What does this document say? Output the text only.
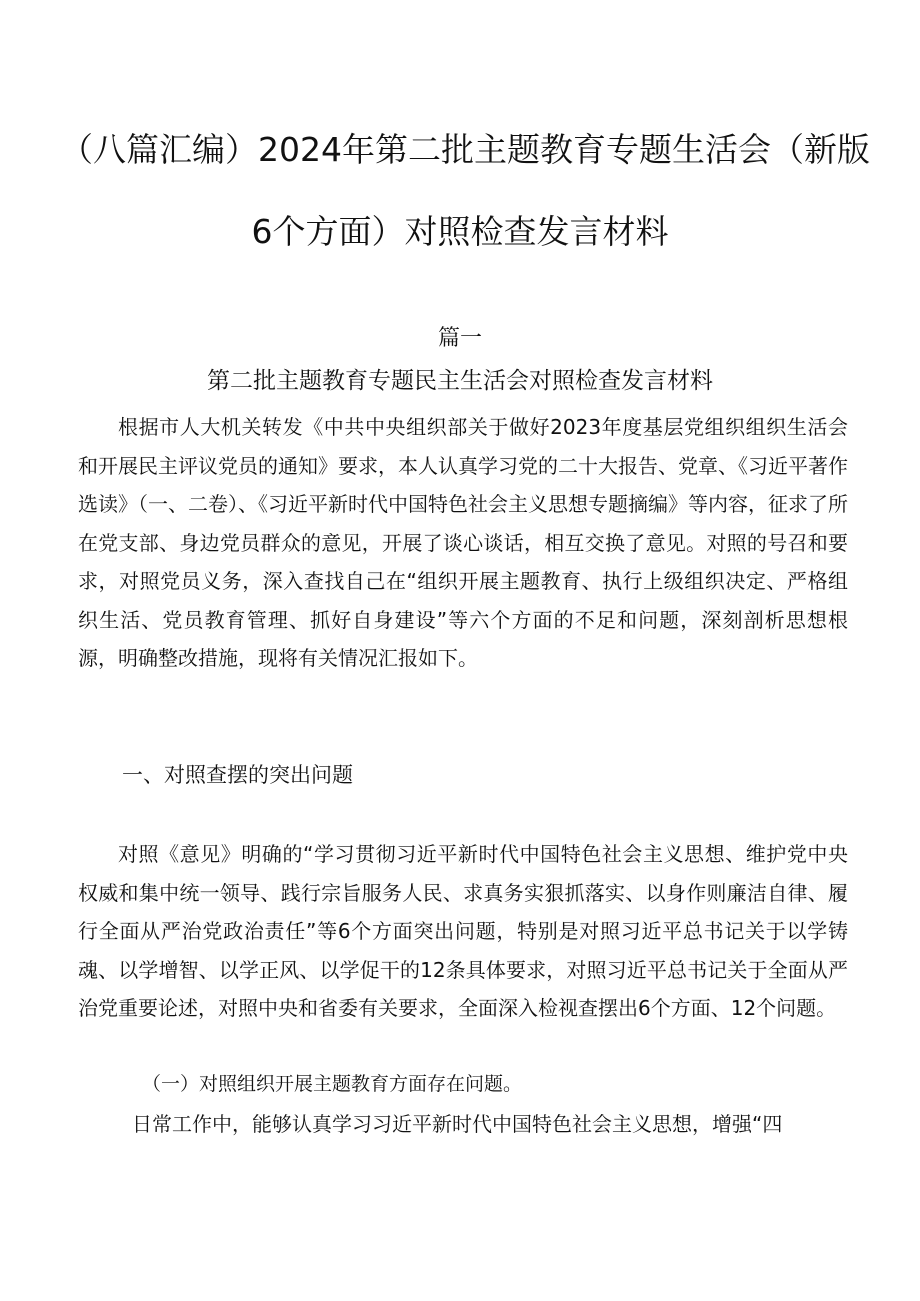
（八篇汇编）2024年第二批主题教育专题生活会（新版
6个方面）对照检查发言材料
篇一
第二批主题教育专题民主生活会对照检查发言材料
根据市人大机关转发《中共中央组织部关于做好2023年度基层党组织组织生活会和开展民主评议党员的通知》要求，本人认真学习党的二十大报告、党章、《习近平著作选读》（一、二卷）、《习近平新时代中国特色社会主义思想专题摘编》等内容，征求了所在党支部、身边党员群众的意见，开展了谈心谈话，相互交换了意见。对照的号召和要求，对照党员义务，深入查找自己在“组织开展主题教育、执行上级组织决定、严格组织生活、党员教育管理、抓好自身建设”等六个方面的不足和问题，深刻剖析思想根源，明确整改措施，现将有关情况汇报如下。
一、对照查摆的突出问题
对照《意见》明确的“学习贯彻习近平新时代中国特色社会主义思想、维护党中央权威和集中统一领导、践行宗旨服务人民、求真务实狠抓落实、以身作则廉洁自律、履行全面从严治党政治责任”等6个方面突出问题，特别是对照习近平总书记关于以学铸魂、以学增智、以学正风、以学促干的12条具体要求，对照习近平总书记关于全面从严治党重要论述，对照中央和省委有关要求，全面深入检视查摆出6个方面、12个问题。
（一）对照组织开展主题教育方面存在问题。
日常工作中，能够认真学习习近平新时代中国特色社会主义思想，增强“四
